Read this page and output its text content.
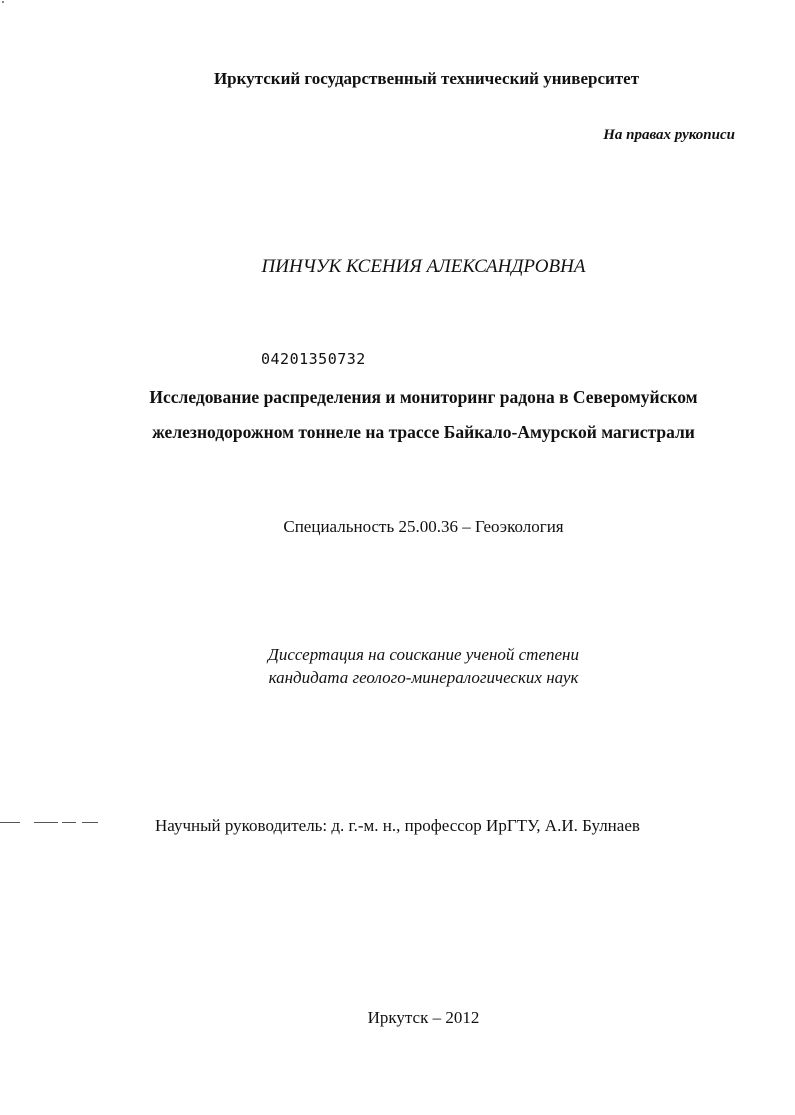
Иркутский государственный технический университет
На правах рукописи
ПИНЧУК КСЕНИЯ АЛЕКСАНДРОВНА
04201350732
Исследование распределения и мониторинг радона в Северомуйском
железнодорожном тоннеле на трассе Байкало-Амурской магистрали
Специальность 25.00.36 – Геоэкология
Диссертация на соискание ученой степени
кандидата геолого-минералогических наук
Научный руководитель: д. г.-м. н., профессор ИрГТУ, А.И. Булнаев
Иркутск – 2012
